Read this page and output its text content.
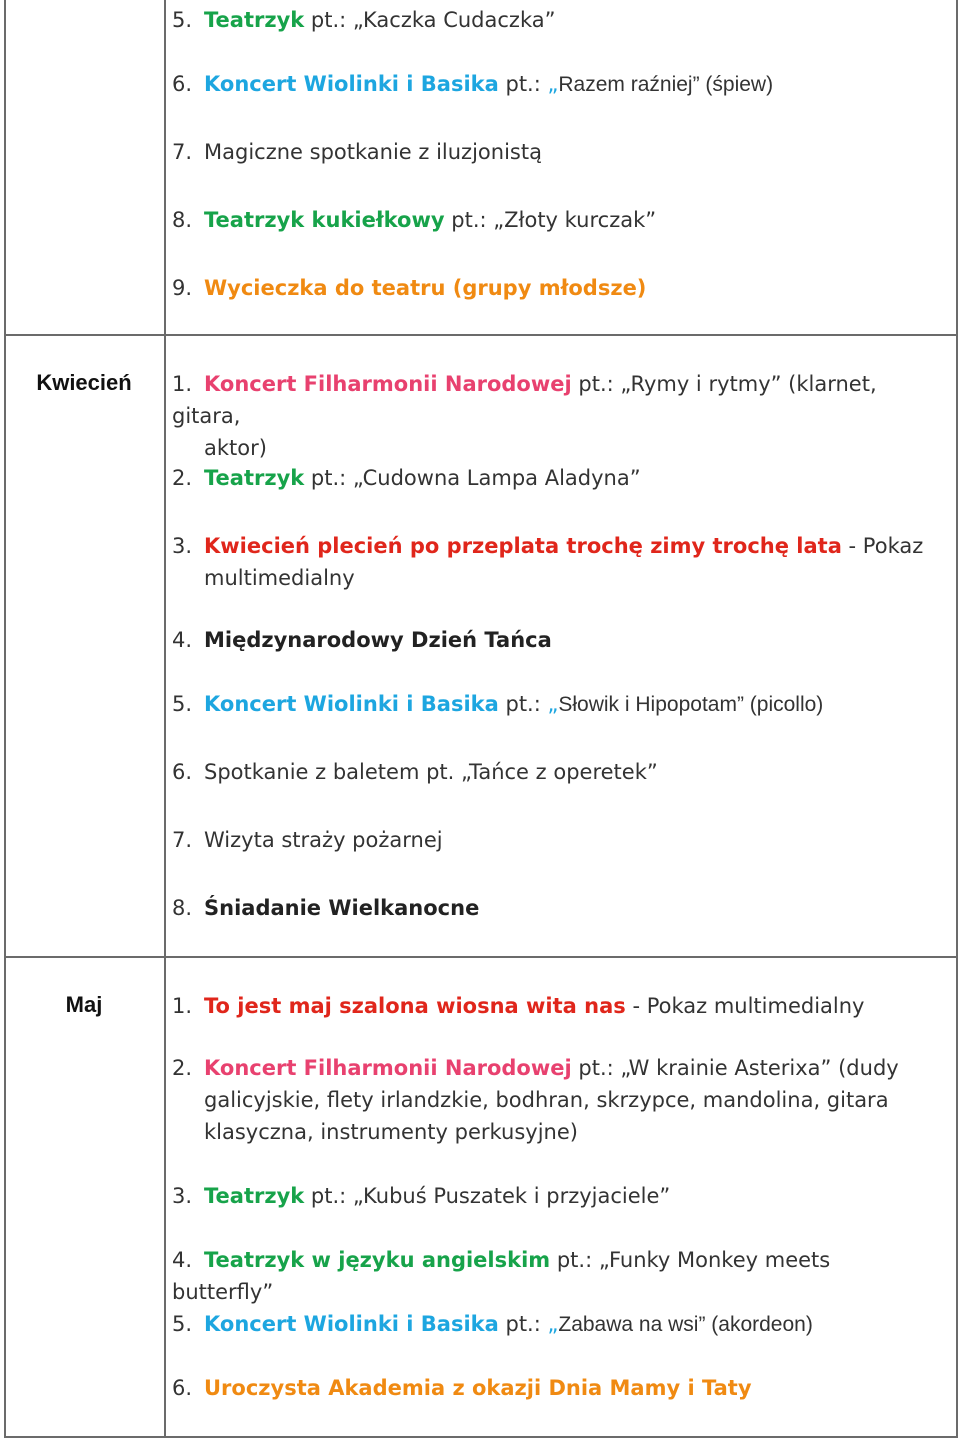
Kwiecień
Maj
5. Teatrzyk pt.: „Kaczka Cudaczka”
6. Koncert Wiolinki i Basika pt.: „Razem raźniej” (śpiew)
7. Magiczne spotkanie z iluzjonistą
8. Teatrzyk kukiełkowy pt.: „Złoty kurczak”
9. Wycieczka do teatru (grupy młodsze)
1. Koncert Filharmonii Narodowej pt.: „Rymy i rytmy” (klarnet, gitara,
aktor)
2. Teatrzyk pt.: „Cudowna Lampa Aladyna”
3. Kwiecień plecień po przeplata trochę zimy trochę lata - Pokaz
multimedialny
4. Międzynarodowy Dzień Tańca
5. Koncert Wiolinki i Basika pt.: „Słowik i Hipopotam” (picollo)
6. Spotkanie z baletem pt. „Tańce z operetek”
7. Wizyta straży pożarnej
8. Śniadanie Wielkanocne
1. To jest maj szalona wiosna wita nas - Pokaz multimedialny
2. Koncert Filharmonii Narodowej pt.: „W krainie Asterixa” (dudy
galicyjskie, flety irlandzkie, bodhran, skrzypce, mandolina, gitara
klasyczna, instrumenty perkusyjne)
3. Teatrzyk pt.: „Kubuś Puszatek i przyjaciele”
4. Teatrzyk w języku angielskim pt.: „Funky Monkey meets butterfly”
5. Koncert Wiolinki i Basika pt.: „Zabawa na wsi” (akordeon)
6. Uroczysta Akademia z okazji Dnia Mamy i Taty
